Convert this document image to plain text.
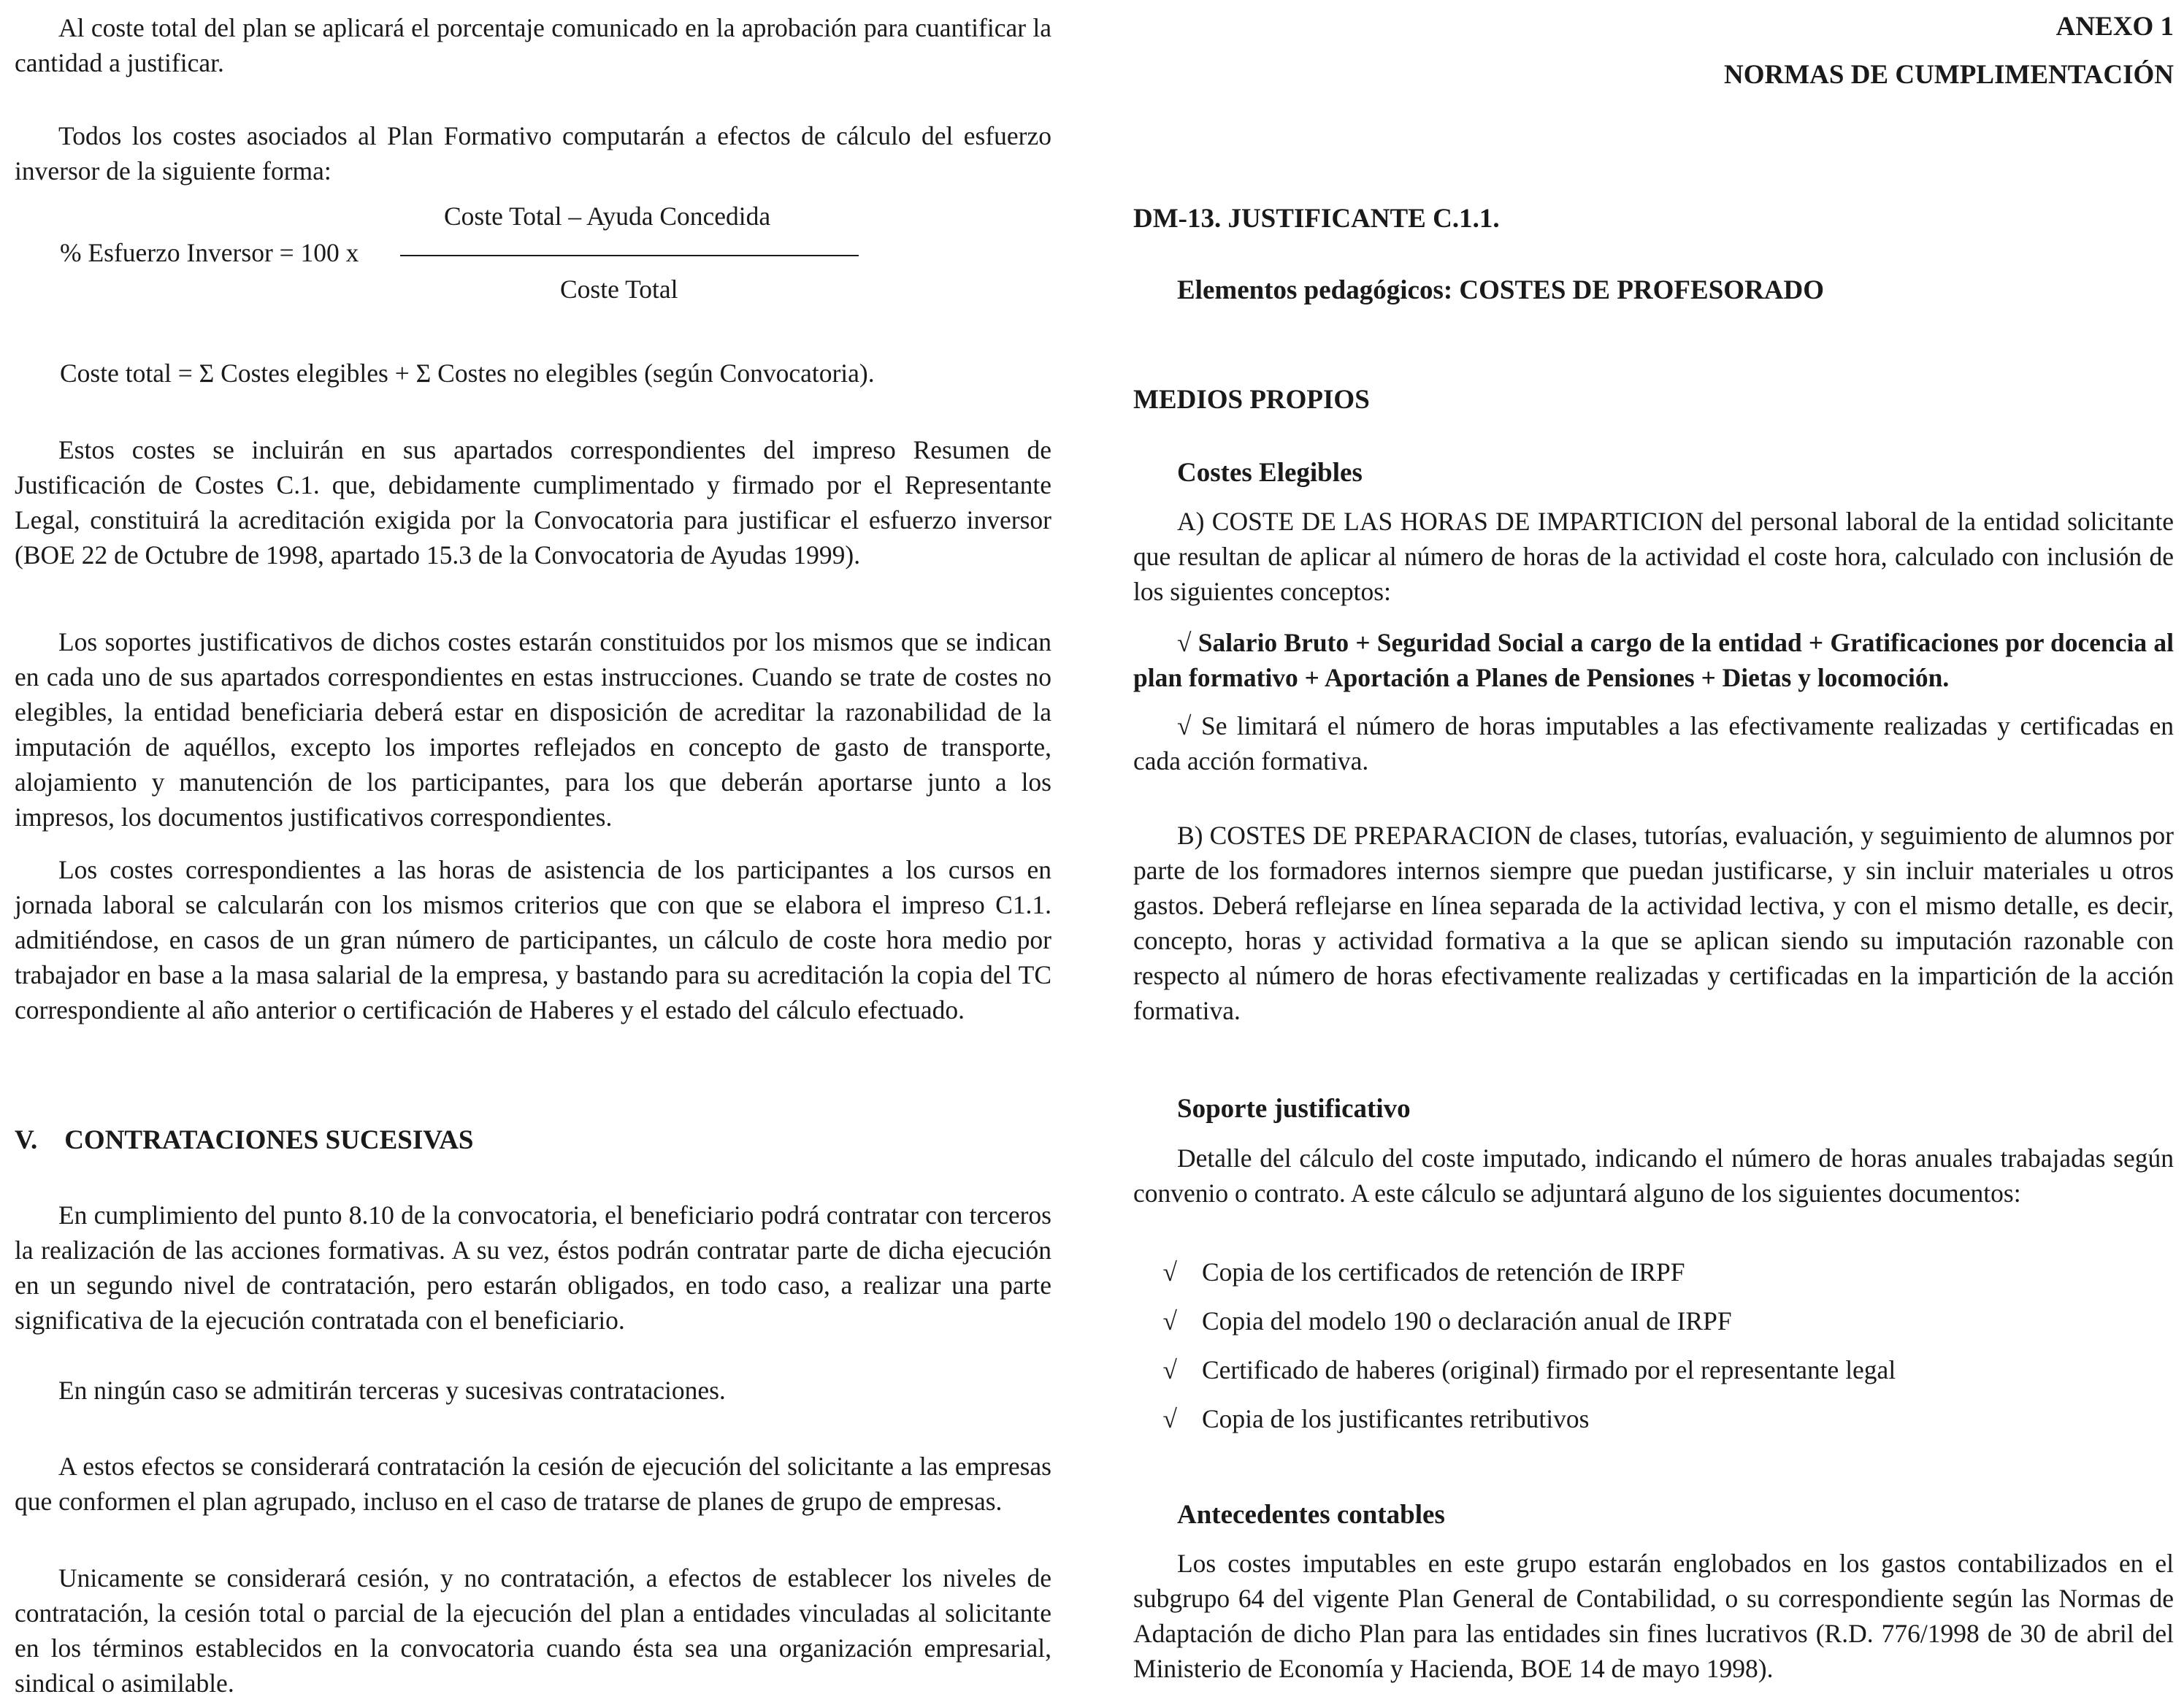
Al coste total del plan se aplicará el porcentaje comunicado en la aprobación para cuantificar la cantidad a justificar.

Todos los costes asociados al Plan Formativo computarán a efectos de cálculo del esfuerzo inversor de la siguiente forma:

Coste Total – Ayuda Concedida
% Esfuerzo Inversor = 100 x
Coste Total

Coste total = Σ Costes elegibles + Σ Costes no elegibles (según Convocatoria).

Estos costes se incluirán en sus apartados correspondientes del impreso Resumen de Justificación de Costes C.1. que, debidamente cumplimentado y firmado por el Representante Legal, constituirá la acreditación exigida por la Convocatoria para justificar el esfuerzo inversor (BOE 22 de Octubre de 1998, apartado 15.3 de la Convocatoria de Ayudas 1999).

Los soportes justificativos de dichos costes estarán constituidos por los mismos que se indican en cada uno de sus apartados correspondientes en estas instrucciones. Cuando se trate de costes no elegibles, la entidad beneficiaria deberá estar en disposición de acreditar la razonabilidad de la imputación de aquéllos, excepto los importes reflejados en concepto de gasto de transporte, alojamiento y manutención de los participantes, para los que deberán aportarse junto a los impresos, los documentos justificativos correspondientes.

Los costes correspondientes a las horas de asistencia de los participantes a los cursos en jornada laboral se calcularán con los mismos criterios que con que se elabora el impreso C1.1. admitiéndose, en casos de un gran número de participantes, un cálculo de coste hora medio por trabajador en base a la masa salarial de la empresa, y bastando para su acreditación la copia del TC correspondiente al año anterior o certificación de Haberes y el estado del cálculo efectuado.

V.    CONTRATACIONES SUCESIVAS

En cumplimiento del punto 8.10 de la convocatoria, el beneficiario podrá contratar con terceros la realización de las acciones formativas. A su vez, éstos podrán contratar parte de dicha ejecución en un segundo nivel de contratación, pero estarán obligados, en todo caso, a realizar una parte significativa de la ejecución contratada con el beneficiario.

En ningún caso se admitirán terceras y sucesivas contrataciones.

A estos efectos se considerará contratación la cesión de ejecución del solicitante a las empresas que conformen el plan agrupado, incluso en el caso de tratarse de planes de grupo de empresas.

Unicamente se considerará cesión, y no contratación, a efectos de establecer los niveles de contratación, la cesión total o parcial de la ejecución del plan a entidades vinculadas al solicitante en los términos establecidos en la convocatoria cuando ésta sea una organización empresarial, sindical o asimilable.

ANEXO 1
NORMAS DE CUMPLIMENTACIÓN
DM-13. JUSTIFICANTE C.1.1.
Elementos pedagógicos: COSTES DE PROFESORADO
MEDIOS PROPIOS
Costes Elegibles

A) COSTE DE LAS HORAS DE IMPARTICION del personal laboral de la entidad solicitante que resultan de aplicar al número de horas de la actividad el coste hora, calculado con inclusión de los siguientes conceptos:

√ Salario Bruto + Seguridad Social a cargo de la entidad + Gratificaciones por docencia al plan formativo + Aportación a Planes de Pensiones + Dietas y locomoción.

√ Se limitará el número de horas imputables a las efectivamente realizadas y certificadas en cada acción formativa.

B) COSTES DE PREPARACION de clases, tutorías, evaluación, y seguimiento de alumnos por parte de los formadores internos siempre que puedan justificarse, y sin incluir materiales u otros gastos. Deberá reflejarse en línea separada de la actividad lectiva, y con el mismo detalle, es decir, concepto, horas y actividad formativa a la que se aplican siendo su imputación razonable con respecto al número de horas efectivamente realizadas y certificadas en la impartición de la acción formativa.

Soporte justificativo

Detalle del cálculo del coste imputado, indicando el número de horas anuales trabajadas según convenio o contrato. A este cálculo se adjuntará alguno de los siguientes documentos:

√ Copia de los certificados de retención de IRPF

√ Copia del modelo 190 o declaración anual de IRPF

√ Certificado de haberes (original) firmado por el representante legal

√ Copia de los justificantes retributivos

Antecedentes contables

Los costes imputables en este grupo estarán englobados en los gastos contabilizados en el subgrupo 64 del vigente Plan General de Contabilidad, o su correspondiente según las Normas de Adaptación de dicho Plan para las entidades sin fines lucrativos (R.D. 776/1998 de 30 de abril del Ministerio de Economía y Hacienda, BOE 14 de mayo 1998).
